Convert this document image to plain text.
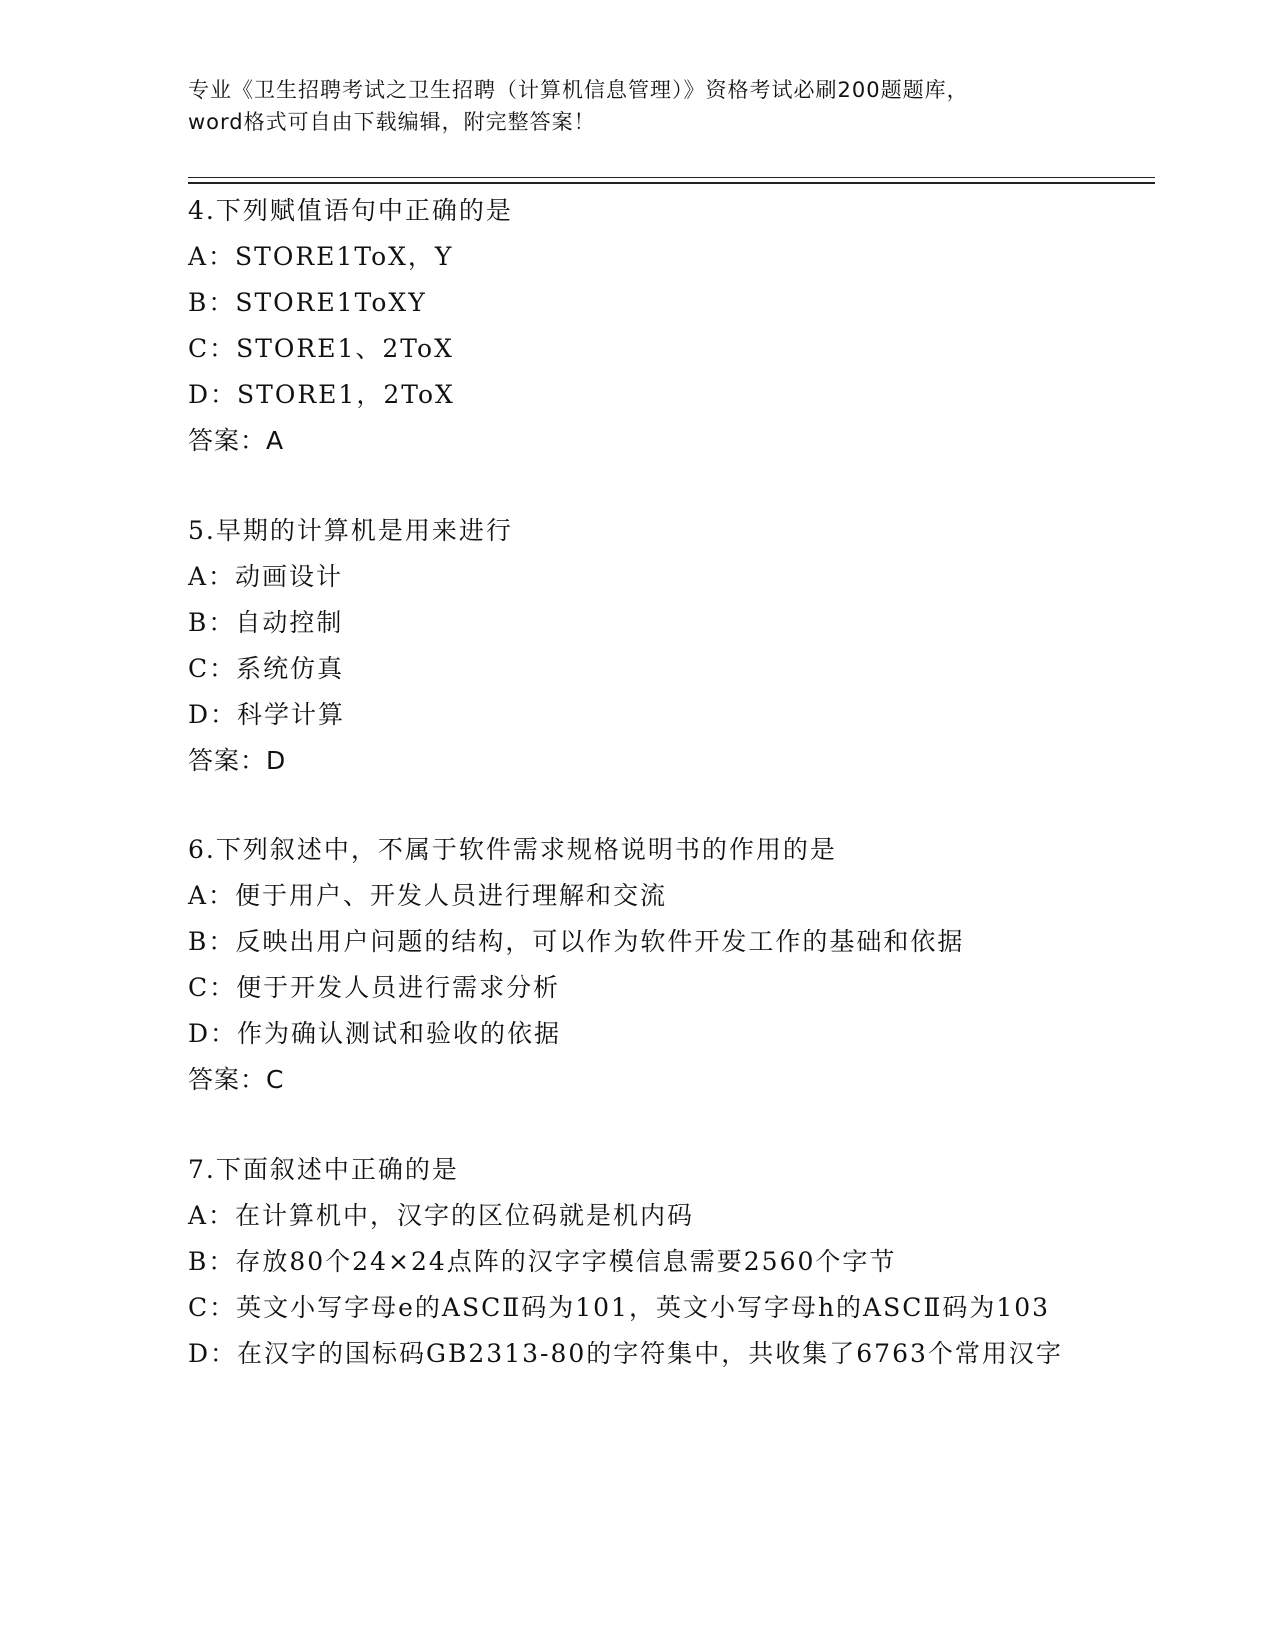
专业《卫生招聘考试之卫生招聘（计算机信息管理）》资格考试必刷200题题库，
word格式可自由下载编辑，附完整答案！
4.下列赋值语句中正确的是
A：STORE1ToX，Y
B：STORE1ToXY
C：STORE1、2ToX
D：STORE1，2ToX
答案：A
5.早期的计算机是用来进行
A：动画设计
B：自动控制
C：系统仿真
D：科学计算
答案：D
6.下列叙述中，不属于软件需求规格说明书的作用的是
A：便于用户、开发人员进行理解和交流
B：反映出用户问题的结构，可以作为软件开发工作的基础和依据
C：便于开发人员进行需求分析
D：作为确认测试和验收的依据
答案：C
7.下面叙述中正确的是
A：在计算机中，汉字的区位码就是机内码
B：存放80个24×24点阵的汉字字模信息需要2560个字节
C：英文小写字母e的ASCⅡ码为101，英文小写字母h的ASCⅡ码为103
D：在汉字的国标码GB2313-80的字符集中，共收集了6763个常用汉字
